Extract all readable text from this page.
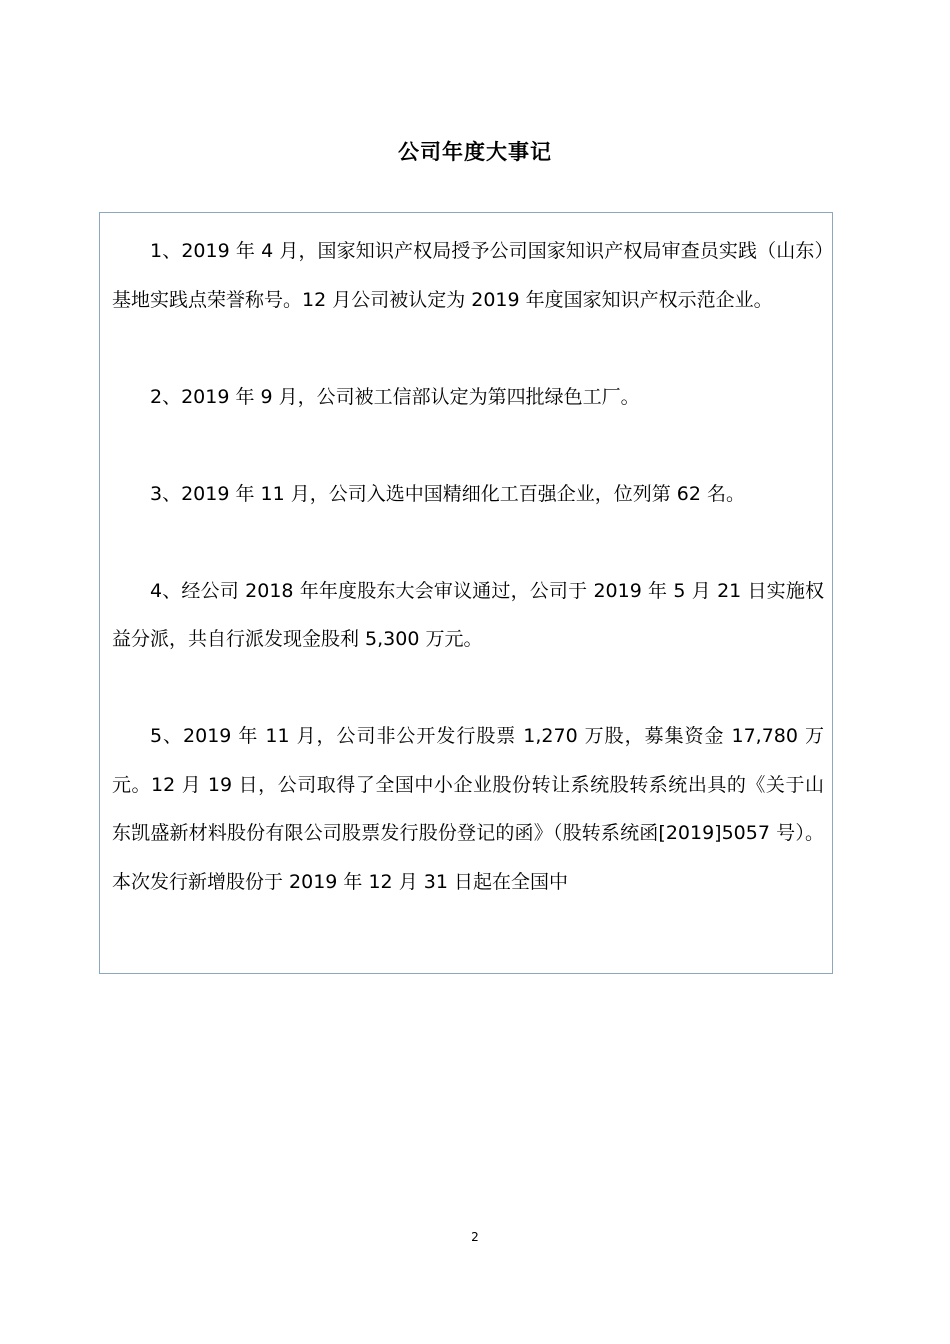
公司年度大事记

1、2019 年 4 月，国家知识产权局授予公司国家知识产权局审查员实践（山东）基地实践点荣誉称号。12 月公司被认定为 2019 年度国家知识产权示范企业。

2、2019 年 9 月，公司被工信部认定为第四批绿色工厂。

3、2019 年 11 月，公司入选中国精细化工百强企业，位列第 62 名。

4、经公司 2018 年年度股东大会审议通过，公司于 2019 年 5 月 21 日实施权益分派，共自行派发现金股利 5,300 万元。

5、2019 年 11 月，公司非公开发行股票 1,270 万股，募集资金 17,780 万元。12 月 19 日，公司取得了全国中小企业股份转让系统股转系统出具的《关于山东凯盛新材料股份有限公司股票发行股份登记的函》（股转系统函[2019]5057 号）。本次发行新增股份于 2019 年 12 月 31 日起在全国中

2
